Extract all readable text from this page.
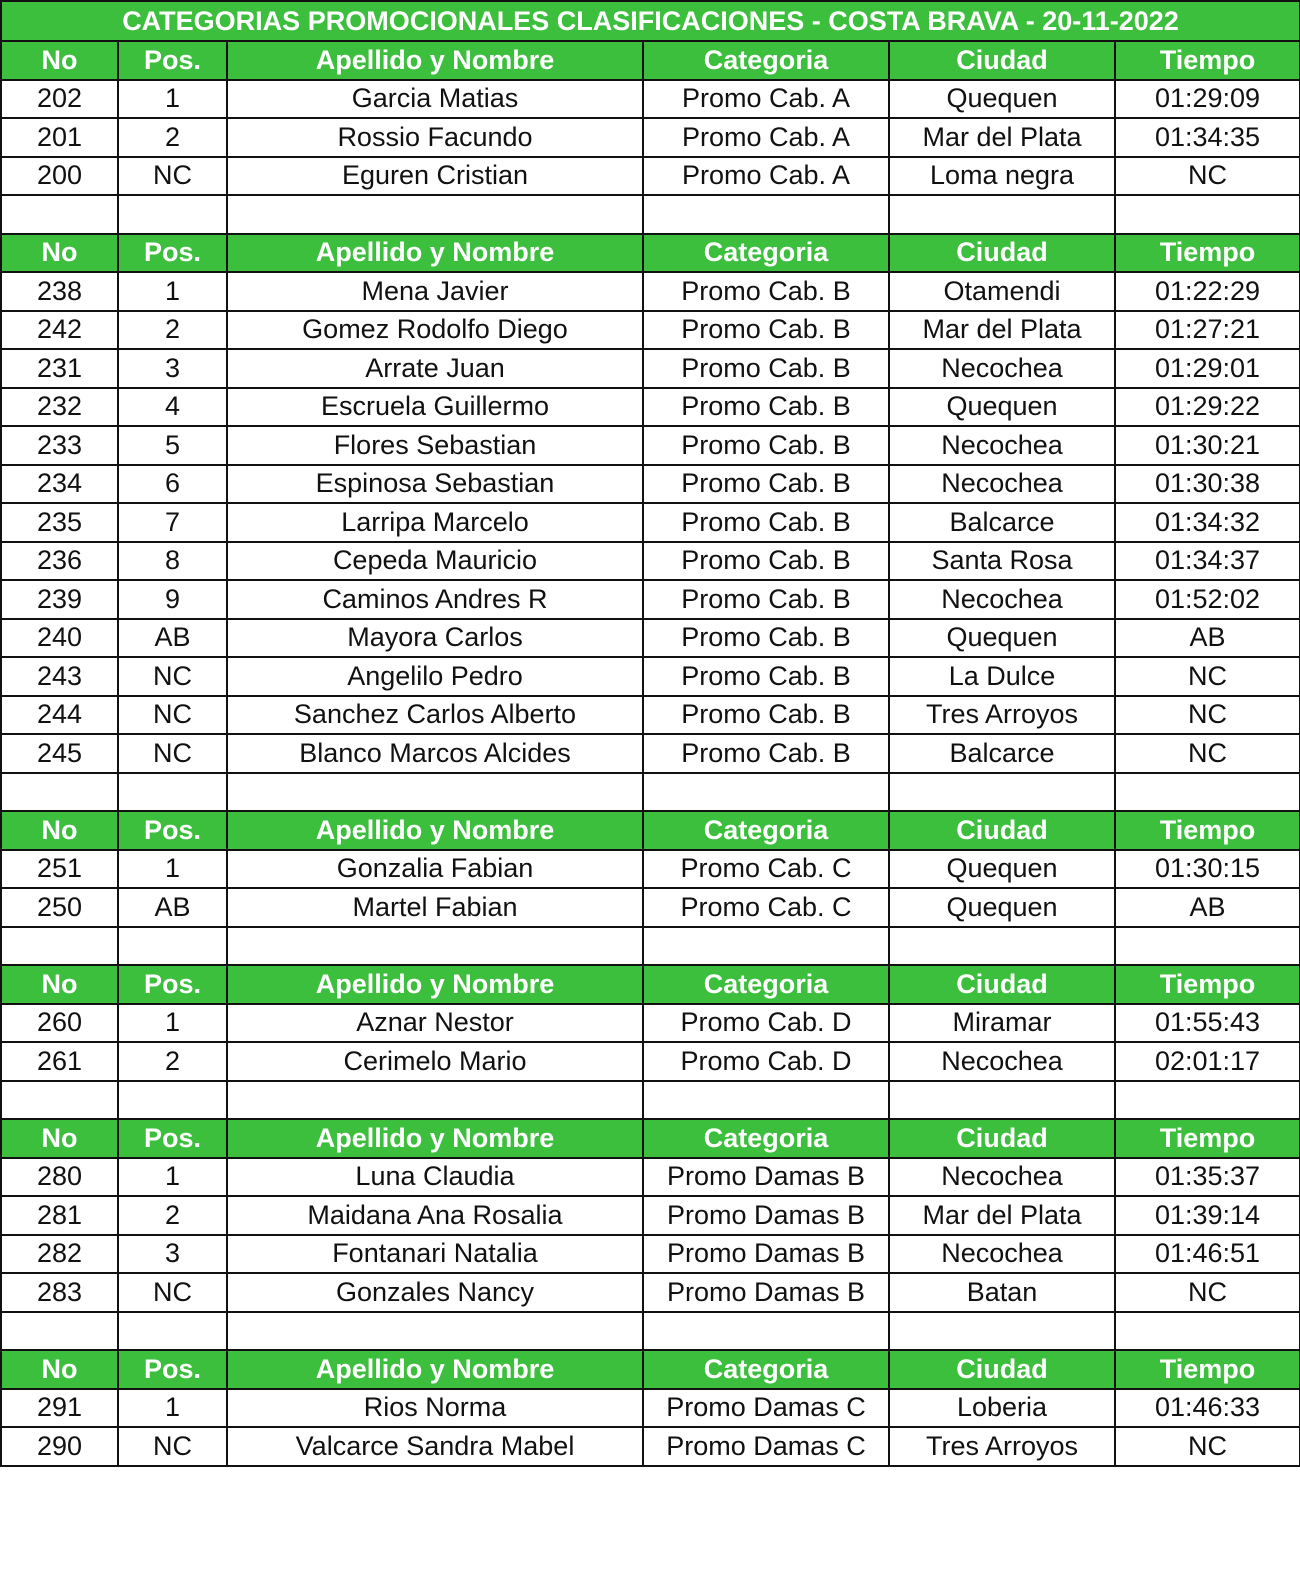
CATEGORIAS PROMOCIONALES CLASIFICACIONES - COSTA BRAVA - 20-11-2022					
No	Pos.	Apellido y Nombre	Categoria	Ciudad	Tiempo
202	1	Garcia Matias	Promo Cab. A	Quequen	01:29:09
201	2	Rossio Facundo	Promo Cab. A	Mar del Plata	01:34:35
200	NC	Eguren Cristian	Promo Cab. A	Loma negra	NC

No	Pos.	Apellido y Nombre	Categoria	Ciudad	Tiempo
238	1	Mena Javier	Promo Cab. B	Otamendi	01:22:29
242	2	Gomez Rodolfo Diego	Promo Cab. B	Mar del Plata	01:27:21
231	3	Arrate Juan	Promo Cab. B	Necochea	01:29:01
232	4	Escruela Guillermo	Promo Cab. B	Quequen	01:29:22
233	5	Flores Sebastian	Promo Cab. B	Necochea	01:30:21
234	6	Espinosa Sebastian	Promo Cab. B	Necochea	01:30:38
235	7	Larripa Marcelo	Promo Cab. B	Balcarce	01:34:32
236	8	Cepeda Mauricio	Promo Cab. B	Santa Rosa	01:34:37
239	9	Caminos Andres R	Promo Cab. B	Necochea	01:52:02
240	AB	Mayora Carlos	Promo Cab. B	Quequen	AB
243	NC	Angelilo Pedro	Promo Cab. B	La Dulce	NC
244	NC	Sanchez Carlos Alberto	Promo Cab. B	Tres Arroyos	NC
245	NC	Blanco Marcos Alcides	Promo Cab. B	Balcarce	NC

No	Pos.	Apellido y Nombre	Categoria	Ciudad	Tiempo
251	1	Gonzalia Fabian	Promo Cab. C	Quequen	01:30:15
250	AB	Martel Fabian	Promo Cab. C	Quequen	AB

No	Pos.	Apellido y Nombre	Categoria	Ciudad	Tiempo
260	1	Aznar Nestor	Promo Cab. D	Miramar	01:55:43
261	2	Cerimelo Mario	Promo Cab. D	Necochea	02:01:17

No	Pos.	Apellido y Nombre	Categoria	Ciudad	Tiempo
280	1	Luna Claudia	Promo Damas B	Necochea	01:35:37
281	2	Maidana Ana Rosalia	Promo Damas B	Mar del Plata	01:39:14
282	3	Fontanari Natalia	Promo Damas B	Necochea	01:46:51
283	NC	Gonzales Nancy	Promo Damas B	Batan	NC

No	Pos.	Apellido y Nombre	Categoria	Ciudad	Tiempo
291	1	Rios Norma	Promo Damas C	Loberia	01:46:33
290	NC	Valcarce Sandra Mabel	Promo Damas C	Tres Arroyos	NC
